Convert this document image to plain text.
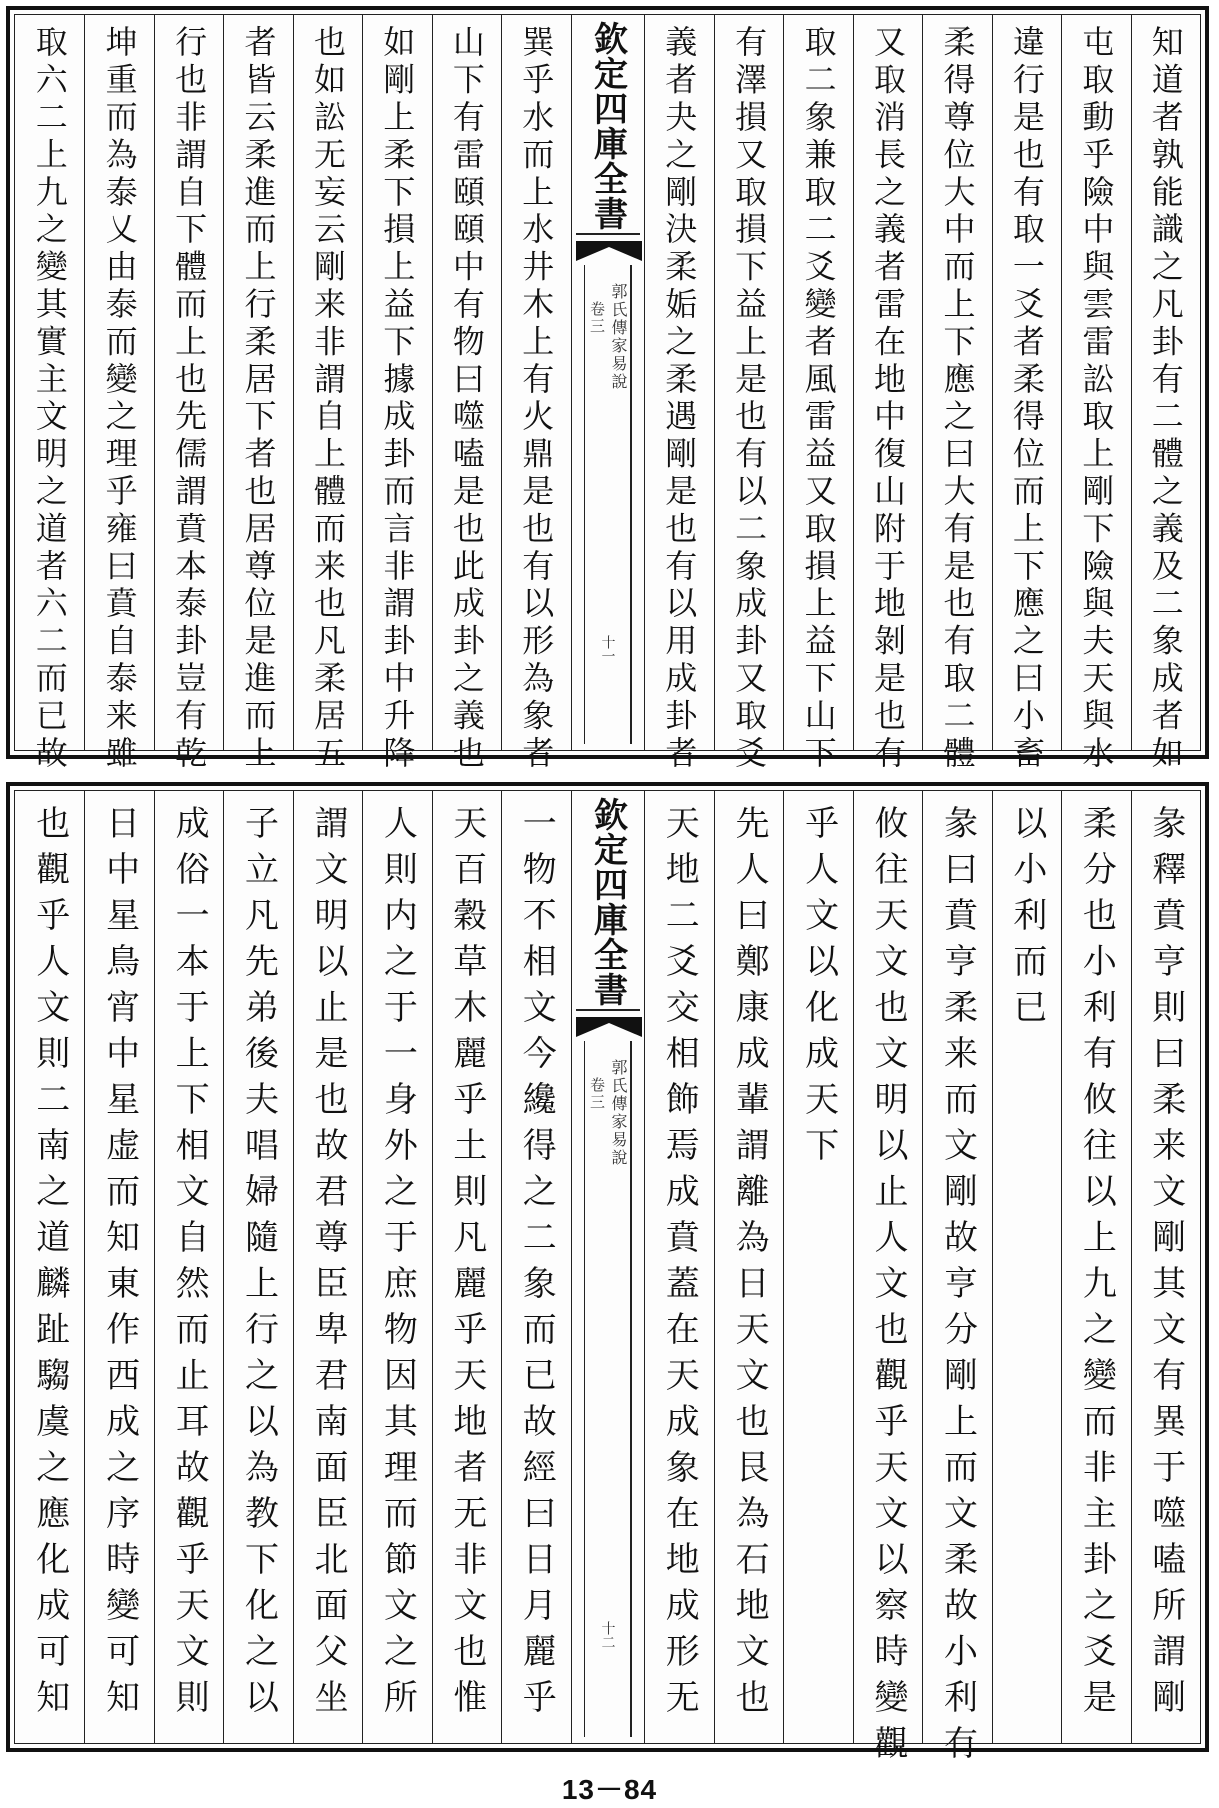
知道者孰能識之凡卦有二體之義及二象成者如
屯取動乎險中與雲雷訟取上剛下險與夫天與水
違行是也有取一爻者柔得位而上下應之曰小畜
柔得尊位大中而上下應之曰大有是也有取二體
又取消長之義者雷在地中復山附于地剝是也有
取二象兼取二爻變者風雷益又取損上益下山下
有澤損又取損下益上是也有以二象成卦又取爻
義者夬之剛決柔姤之柔遇剛是也有以用成卦者
欽定四庫全書
郭氏傳家易說
卷三
十一
巽乎水而上水井木上有火鼎是也有以形為象者
山下有雷頤頤中有物曰噬嗑是也此成卦之義也
如剛上柔下損上益下據成卦而言非謂卦中升降
也如訟无妄云剛来非謂自上體而来也凡柔居五
者皆云柔進而上行柔居下者也居尊位是進而上
行也非謂自下體而上也先儒謂賁本泰卦豈有乾
坤重而為泰乂由泰而變之理乎雍曰賁自泰来雖
取六二上九之變其實主文明之道者六二而已故
彖釋賁亨則曰柔来文剛其文有異于噬嗑所謂剛
柔分也小利有攸往以上九之變而非主卦之爻是
以小利而已
彖曰賁亨柔来而文剛故亨分剛上而文柔故小利有
攸往天文也文明以止人文也觀乎天文以察時變觀
乎人文以化成天下
先人曰鄭康成輩謂離為日天文也艮為石地文也
天地二爻交相飾焉成賁蓋在天成象在地成形无
欽定四庫全書
郭氏傳家易說
卷三
十二
一物不相文今纔得之二象而已故經曰日月麗乎
天百穀草木麗乎土則凡麗乎天地者无非文也惟
人則内之于一身外之于庶物因其理而節文之所
謂文明以止是也故君尊臣卑君南面臣北面父坐
子立凡先弟後夫唱婦隨上行之以為教下化之以
成俗一本于上下相文自然而止耳故觀乎天文則
日中星鳥宵中星虚而知東作西成之序時變可知
也觀乎人文則二南之道麟趾騶虞之應化成可知
13－84
